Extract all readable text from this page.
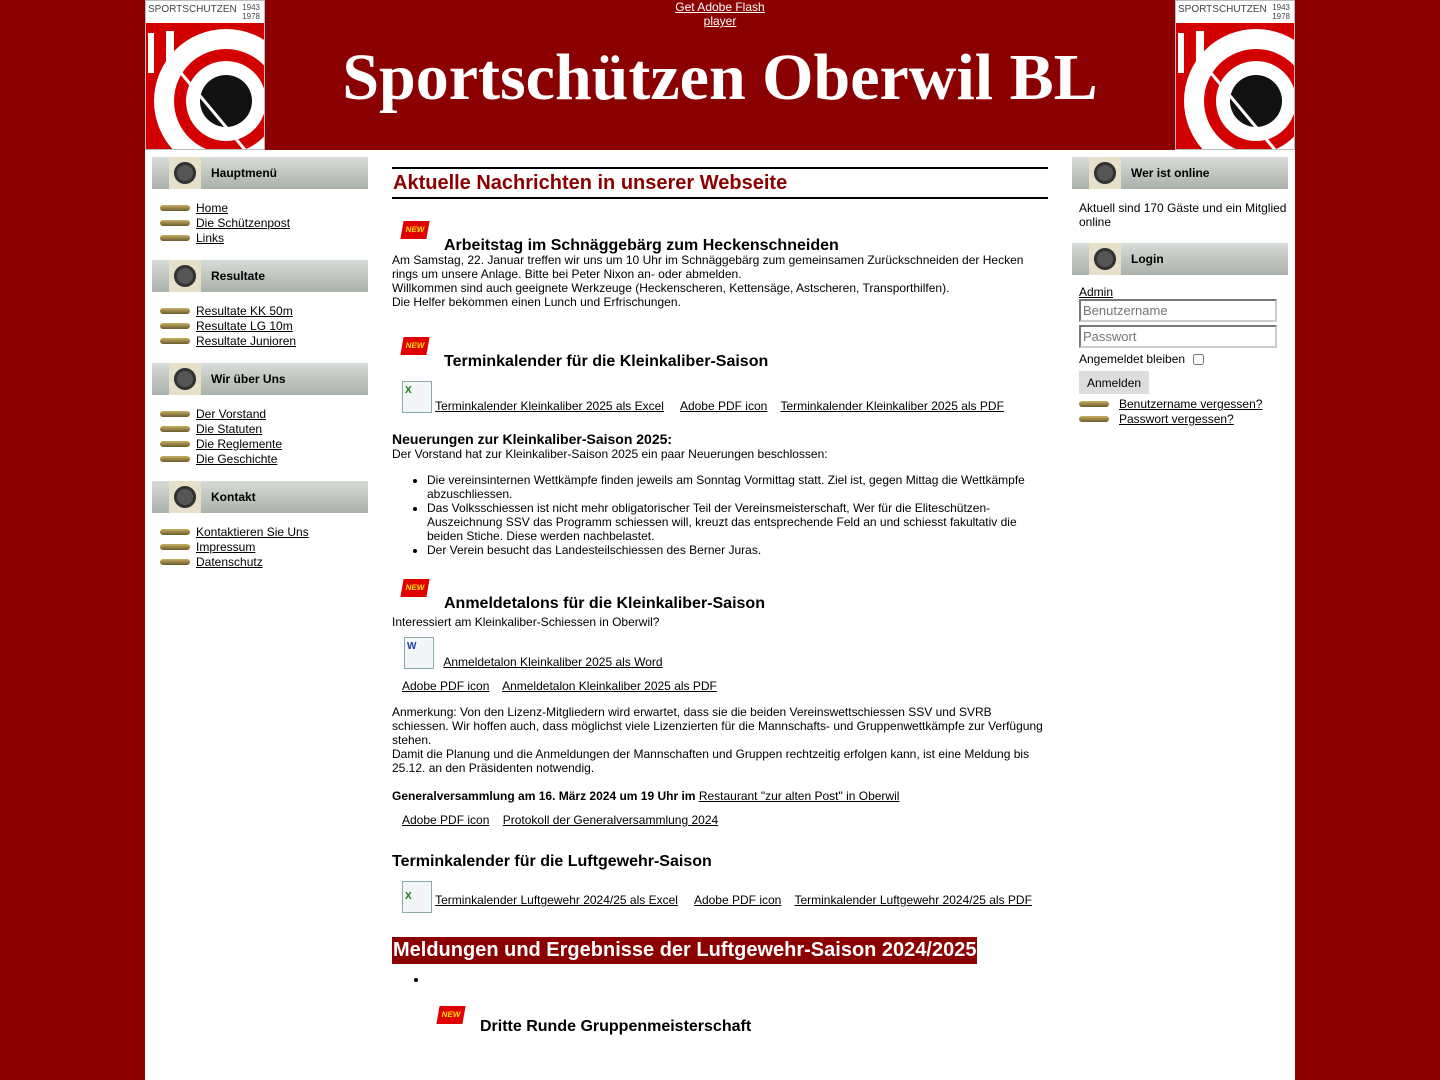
SPORTSCHUTZEN 1943
1978
Get Adobe Flash player
Sportschützen Oberwil BL
SPORTSCHUTZEN 1943
1978
Hauptmenü
Home
Die Schützenpost
Links
Resultate
Resultate KK 50m
Resultate LG 10m
Resultate Junioren
Wir über Uns
Der Vorstand
Die Statuten
Die Reglemente
Die Geschichte
Kontakt
Kontaktieren Sie Uns
Impressum
Datenschutz
Aktuelle Nachrichten in unserer Webseite
NEW
Arbeitstag im Schnäggebärg zum Heckenschneiden

Am Samstag, 22. Januar treffen wir uns um 10 Uhr im Schnäggebärg zum gemeinsamen Zurückschneiden der Hecken rings um unsere Anlage. Bitte bei Peter Nixon an- oder abmelden.

Willkommen sind auch geeignete Werkzeuge (Heckenscheren, Kettensäge, Astscheren, Transporthilfen).

Die Helfer bekommen einen Lunch und Erfrischungen.

NEW
Terminkalender für die Kleinkaliber-Saison
X
Terminkalender Kleinkaliber 2025 als Excel Adobe PDF icon Terminkalender Kleinkaliber 2025 als PDF
Neuerungen zur Kleinkaliber-Saison 2025:

Der Vorstand hat zur Kleinkaliber-Saison 2025 ein paar Neuerungen beschlossen:

• Die vereinsinternen Wettkämpfe finden jeweils am Sonntag Vormittag statt. Ziel ist, gegen Mittag die Wettkämpfe abzuschliessen.
• Das Volksschiessen ist nicht mehr obligatorischer Teil der Vereinsmeisterschaft, Wer für die Eliteschützen-Auszeichnung SSV das Programm schiessen will, kreuzt das entsprechende Feld an und schiesst fakultativ die beiden Stiche. Diese werden nachbelastet.
• Der Verein besucht das Landesteilschiessen des Berner Juras.
NEW
Anmeldetalons für die Kleinkaliber-Saison

Interessiert am Kleinkaliber-Schiessen in Oberwil?

W
Anmeldetalon Kleinkaliber 2025 als Word
Adobe PDF icon Anmeldetalon Kleinkaliber 2025 als PDF

Anmerkung: Von den Lizenz-Mitgliedern wird erwartet, dass sie die beiden Vereinswettschiessen SSV und SVRB schiessen. Wir hoffen auch, dass möglichst viele Lizenzierten für die Mannschafts- und Gruppenwettkämpfe zur Verfügung stehen.

Damit die Planung und die Anmeldungen der Mannschaften und Gruppen rechtzeitig erfolgen kann, ist eine Meldung bis 25.12. an den Präsidenten notwendig.

Generalversammlung am 16. März 2024 um 19 Uhr im Restaurant "zur alten Post" in Oberwil

Adobe PDF icon Protokoll der Generalversammlung 2024
Terminkalender für die Luftgewehr-Saison
X Terminkalender Luftgewehr 2024/25 als Excel Adobe PDF icon Terminkalender Luftgewehr 2024/25 als PDF
Meldungen und Ergebnisse der Luftgewehr-Saison 2024/2025

• NEW
Dritte Runde Gruppenmeisterschaft
Wer ist online
Aktuell sind 170 Gäste und ein Mitglied online
Login
Admin
Benutzername
Angemeldet bleiben
Anmelden
Benutzername vergessen?
Passwort vergessen?
